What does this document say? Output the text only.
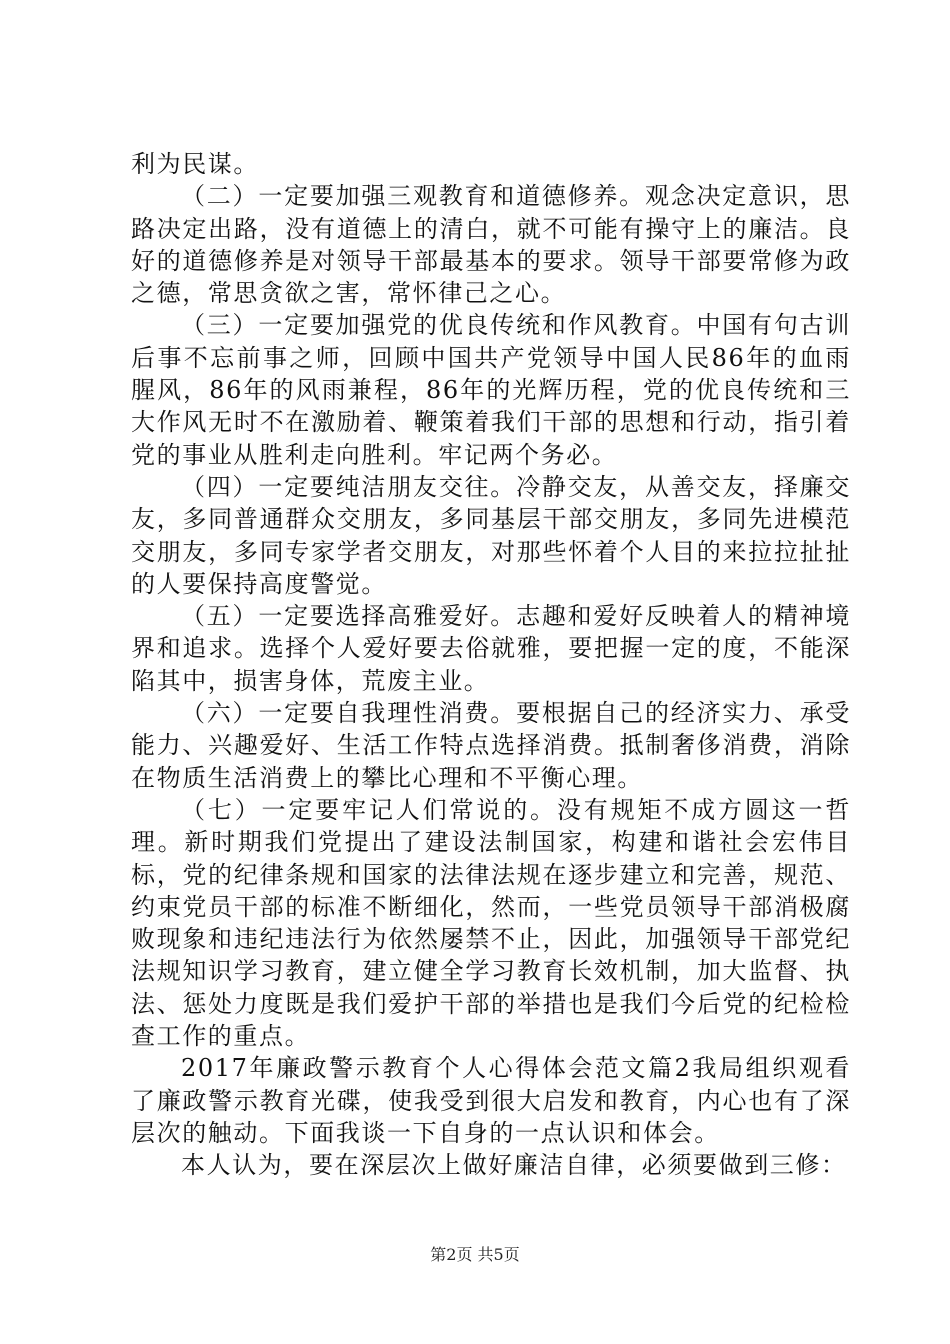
利为民谋。

（二）一定要加强三观教育和道德修养。观念决定意识，思路决定出路，没有道德上的清白，就不可能有操守上的廉洁。良好的道德修养是对领导干部最基本的要求。领导干部要常修为政之德，常思贪欲之害，常怀律己之心。

（三）一定要加强党的优良传统和作风教育。中国有句古训后事不忘前事之师，回顾中国共产党领导中国人民86年的血雨腥风，86年的风雨兼程，86年的光辉历程，党的优良传统和三大作风无时不在激励着、鞭策着我们干部的思想和行动，指引着党的事业从胜利走向胜利。牢记两个务必。

（四）一定要纯洁朋友交往。冷静交友，从善交友，择廉交友，多同普通群众交朋友，多同基层干部交朋友，多同先进模范交朋友，多同专家学者交朋友，对那些怀着个人目的来拉拉扯扯的人要保持高度警觉。

（五）一定要选择高雅爱好。志趣和爱好反映着人的精神境界和追求。选择个人爱好要去俗就雅，要把握一定的度，不能深陷其中，损害身体，荒废主业。

（六）一定要自我理性消费。要根据自己的经济实力、承受能力、兴趣爱好、生活工作特点选择消费。抵制奢侈消费，消除在物质生活消费上的攀比心理和不平衡心理。

（七）一定要牢记人们常说的。没有规矩不成方圆这一哲理。新时期我们党提出了建设法制国家，构建和谐社会宏伟目标，党的纪律条规和国家的法律法规在逐步建立和完善，规范、约束党员干部的标准不断细化，然而，一些党员领导干部消极腐败现象和违纪违法行为依然屡禁不止，因此，加强领导干部党纪法规知识学习教育，建立健全学习教育长效机制，加大监督、执法、惩处力度既是我们爱护干部的举措也是我们今后党的纪检检查工作的重点。

2017年廉政警示教育个人心得体会范文篇2我局组织观看了廉政警示教育光碟，使我受到很大启发和教育，内心也有了深层次的触动。下面我谈一下自身的一点认识和体会。

本人认为，要在深层次上做好廉洁自律，必须要做到三修：

第2页 共5页
